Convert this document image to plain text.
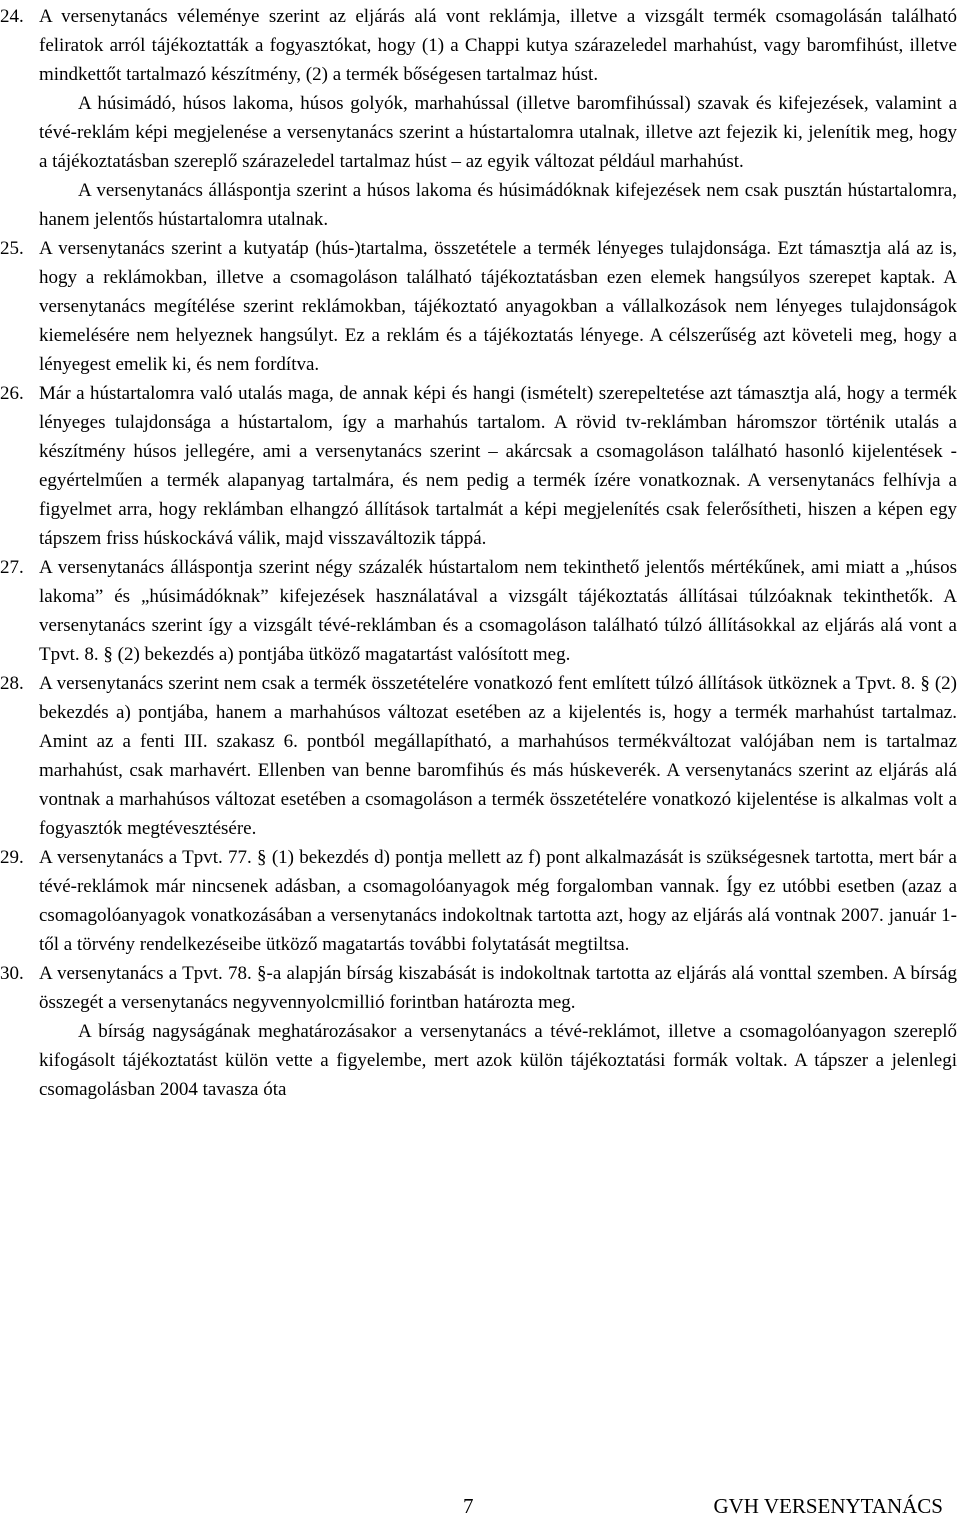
24. A versenytanács véleménye szerint az eljárás alá vont reklámja, illetve a vizsgált termék csomagolásán található feliratok arról tájékoztatták a fogyasztókat, hogy (1) a Chappi kutya szárazeledel marhahúst, vagy baromfihúst, illetve mindkettőt tartalmazó készítmény, (2) a termék bőségesen tartalmaz húst.

A húsimádó, húsos lakoma, húsos golyók, marhahússal (illetve baromfihússal) szavak és kifejezések, valamint a tévé-reklám képi megjelenése a versenytanács szerint a hústartalomra utalnak, illetve azt fejezik ki, jelenítik meg, hogy a tájékoztatásban szereplő szárazeledel tartalmaz húst – az egyik változat például marhahúst.

A versenytanács álláspontja szerint a húsos lakoma és húsimádóknak kifejezések nem csak pusztán hústartalomra, hanem jelentős hústartalomra utalnak.

25. A versenytanács szerint a kutyatáp (hús-)tartalma, összetétele a termék lényeges tulajdonsága. Ezt támasztja alá az is, hogy a reklámokban, illetve a csomagoláson található tájékoztatásban ezen elemek hangsúlyos szerepet kaptak. A versenytanács megítélése szerint reklámokban, tájékoztató anyagokban a vállalkozások nem lényeges tulajdonságok kiemelésére nem helyeznek hangsúlyt. Ez a reklám és a tájékoztatás lényege. A célszerűség azt követeli meg, hogy a lényegest emelik ki, és nem fordítva.
26. Már a hústartalomra való utalás maga, de annak képi és hangi (ismételt) szerepeltetése azt támasztja alá, hogy a termék lényeges tulajdonsága a hústartalom, így a marhahús tartalom. A rövid tv-reklámban háromszor történik utalás a készítmény húsos jellegére, ami a versenytanács szerint – akárcsak a csomagoláson található hasonló kijelentések - egyértelműen a termék alapanyag tartalmára, és nem pedig a termék ízére vonatkoznak. A versenytanács felhívja a figyelmet arra, hogy reklámban elhangzó állítások tartalmát a képi megjelenítés csak felerősítheti, hiszen a képen egy tápszem friss húskockává válik, majd visszaváltozik táppá.
27. A versenytanács álláspontja szerint négy százalék hústartalom nem tekinthető jelentős mértékűnek, ami miatt a „húsos lakoma” és „húsimádóknak” kifejezések használatával a vizsgált tájékoztatás állításai túlzóaknak tekinthetők. A versenytanács szerint így a vizsgált tévé-reklámban és a csomagoláson található túlzó állításokkal az eljárás alá vont a Tpvt. 8. § (2) bekezdés a) pontjába ütköző magatartást valósított meg.
28. A versenytanács szerint nem csak a termék összetételére vonatkozó fent említett túlzó állítások ütköznek a Tpvt. 8. § (2) bekezdés a) pontjába, hanem a marhahúsos változat esetében az a kijelentés is, hogy a termék marhahúst tartalmaz. Amint az a fenti III. szakasz 6. pontból megállapítható, a marhahúsos termékváltozat valójában nem is tartalmaz marhahúst, csak marhavért. Ellenben van benne baromfihús és más húskeverék. A versenytanács szerint az eljárás alá vontnak a marhahúsos változat esetében a csomagoláson a termék összetételére vonatkozó kijelentése is alkalmas volt a fogyasztók megtévesztésére.
29. A versenytanács a Tpvt. 77. § (1) bekezdés d) pontja mellett az f) pont alkalmazását is szükségesnek tartotta, mert bár a tévé-reklámok már nincsenek adásban, a csomagolóanyagok még forgalomban vannak. Így ez utóbbi esetben (azaz a csomagolóanyagok vonatkozásában a versenytanács indokoltnak tartotta azt, hogy az eljárás alá vontnak 2007. január 1-től a törvény rendelkezéseibe ütköző magatartás további folytatását megtiltsa.
30. A versenytanács a Tpvt. 78. §-a alapján bírság kiszabását is indokoltnak tartotta az eljárás alá vonttal szemben. A bírság összegét a versenytanács negyvennyolcmillió forintban határozta meg.

A bírság nagyságának meghatározásakor a versenytanács a tévé-reklámot, illetve a csomagolóanyagon szereplő kifogásolt tájékoztatást külön vette a figyelembe, mert azok külön tájékoztatási formák voltak. A tápszer a jelenlegi csomagolásban 2004 tavasza óta

7	GVH VERSENYTANÁCS
